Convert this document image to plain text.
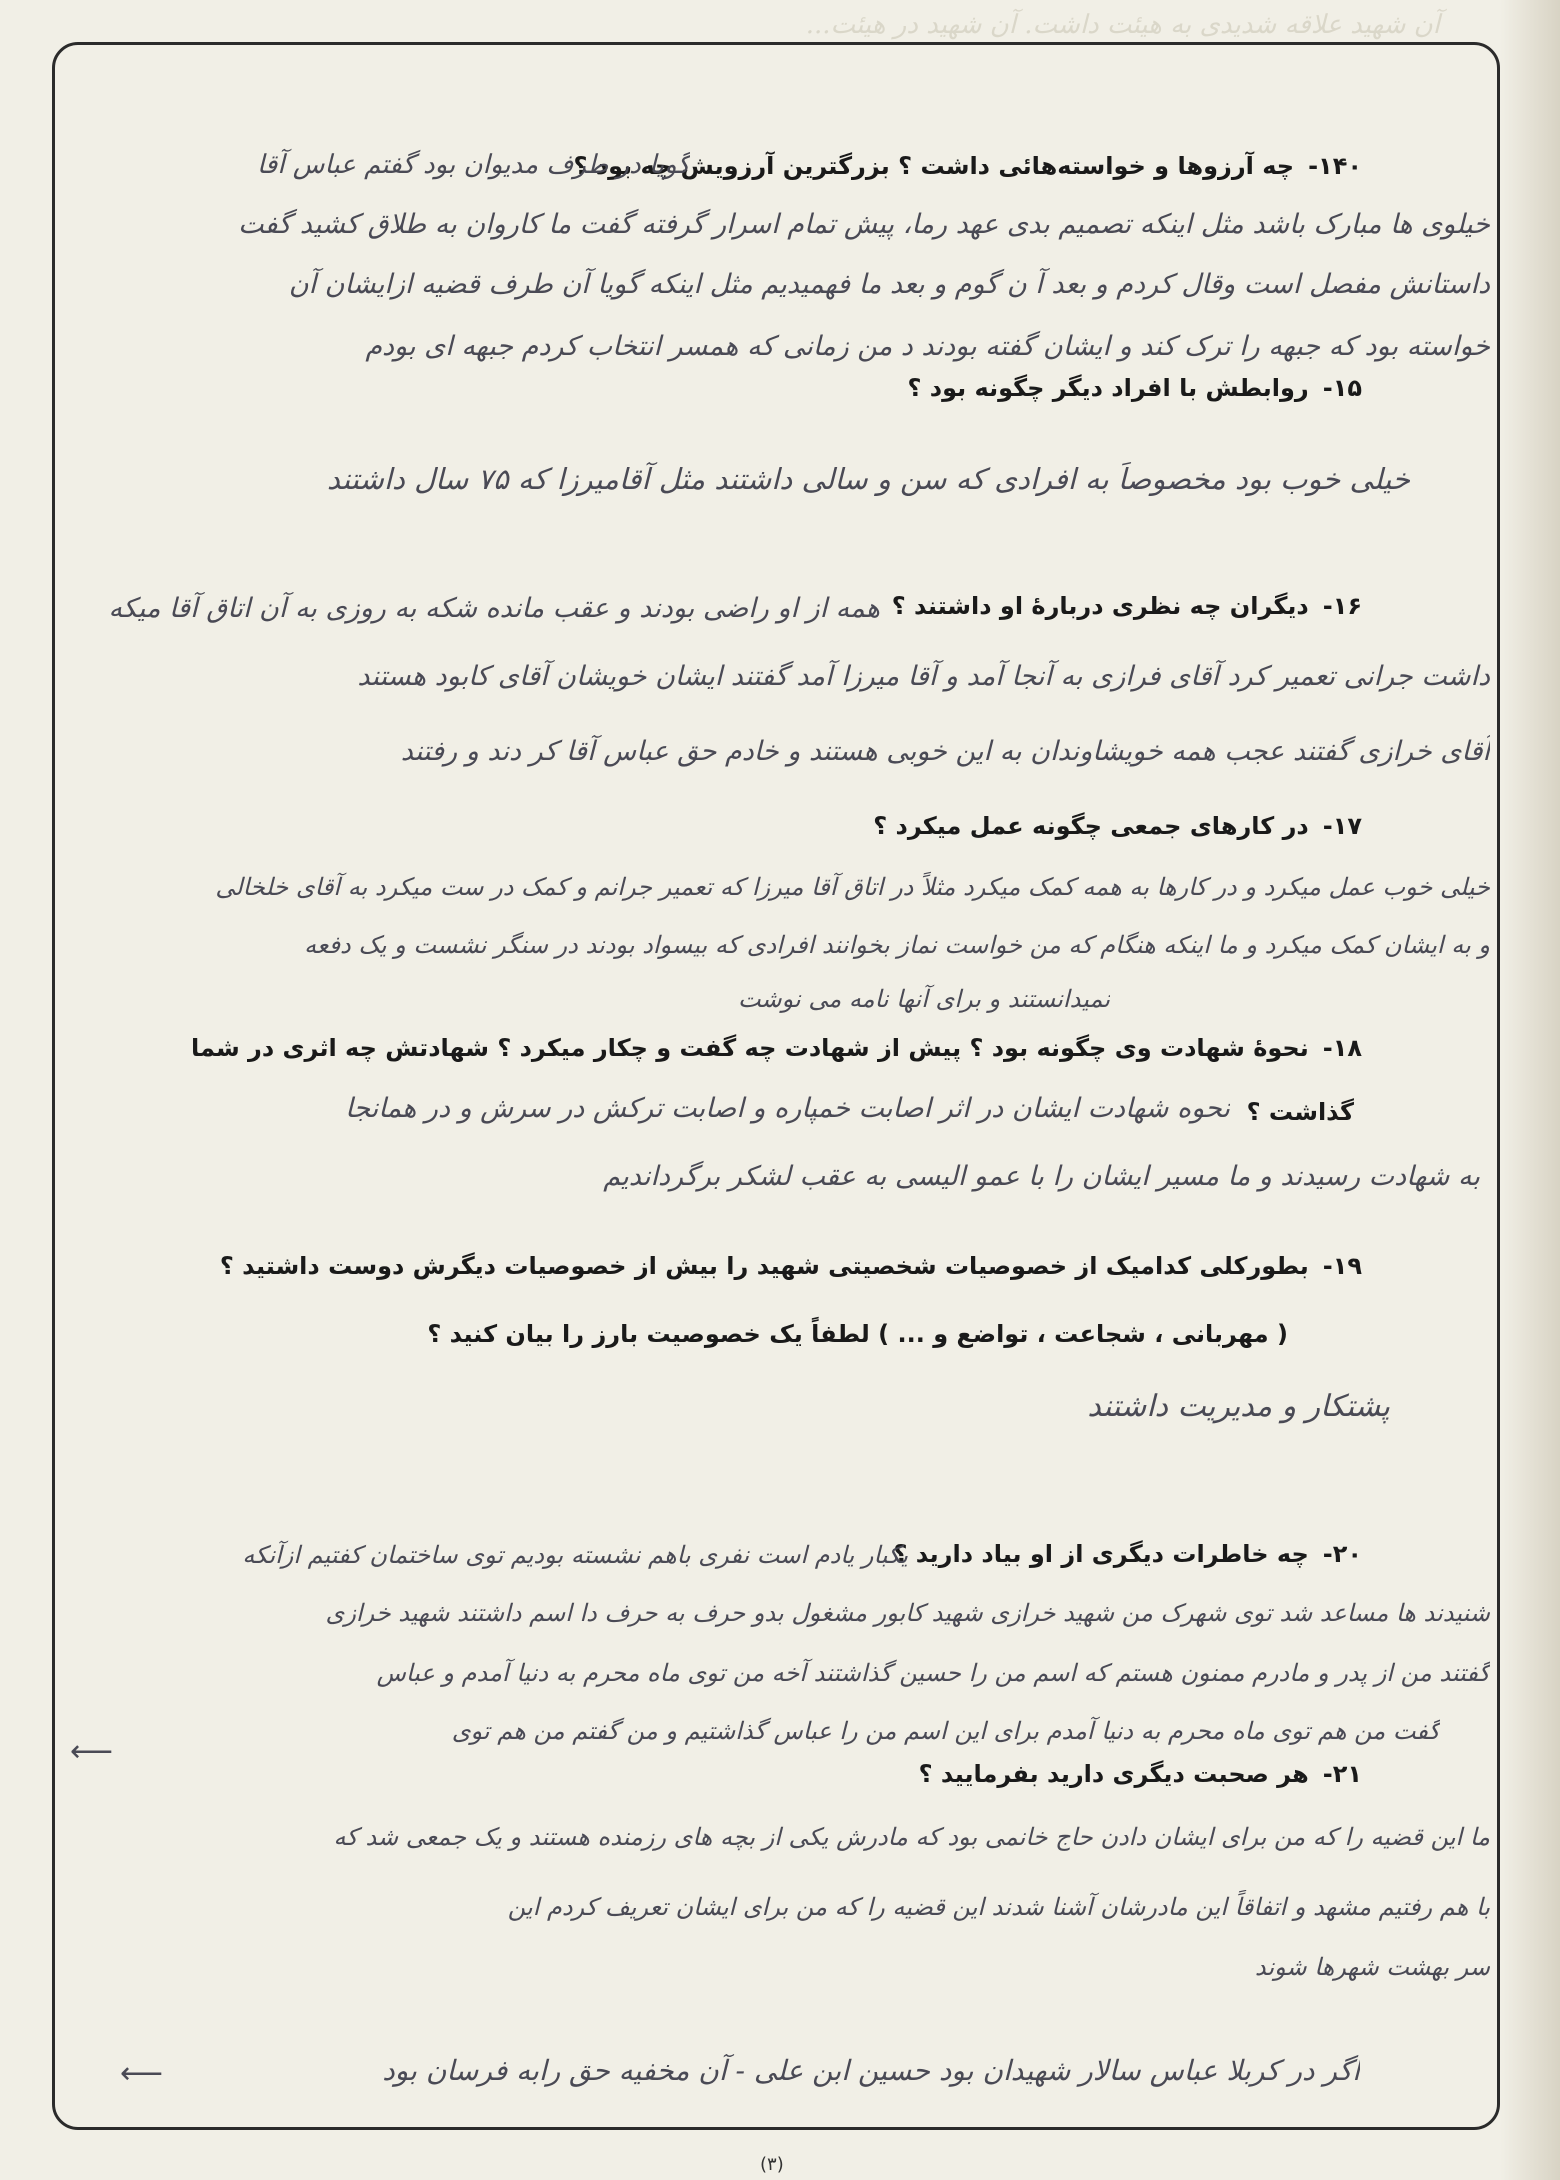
آن شهید علاقه شدیدی به هیئت داشت. آن شهید در هیئت...
۱۴۰-چه آرزوها و خواسته‌هائی داشت ؟ بزرگترین آرزویش چه بود ؟
گویا در طرف مدیوان بود گفتم عباس آقا
خیلوی ها مبارک باشد مثل اینکه تصمیم بدی عهد رما، پیش تمام اسرار گرفته گفت ما کاروان به طلاق کشید گفت
داستانش مفصل است وقال کردم و بعد آ ن گوم و بعد ما فهمیدیم مثل اینکه گویا آن طرف قضیه ازایشان آن
خواسته بود که جبهه را ترک کند و ایشان گفته بودند د من زمانی که همسر انتخاب کردم جبهه ای بودم
۱۵-روابطش با افراد دیگر چگونه بود ؟
خیلی خوب بود مخصوصاً به افرادی که سن و سالی داشتند مثل آقامیرزا که ۷۵ سال داشتند
۱۶-دیگران چه نظری دربارهٔ او داشتند ؟
همه از او راضی بودند و عقب مانده شکه به روزی به آن اتاق آقا میکه
داشت جرانی تعمیر کرد آقای فرازی به آنجا آمد و آقا میرزا آمد گفتند ایشان خویشان آقای کابود هستند
آقای خرازی گفتند عجب همه خویشاوندان به این خوبی هستند و خادم حق عباس آقا کر دند و رفتند
۱۷-در کارهای جمعی چگونه عمل میکرد ؟
خیلی خوب عمل میکرد و در کارها به همه کمک میکرد مثلاً در اتاق آقا میرزا که تعمیر جرانم و کمک در ست میکرد به آقای خلخالی
و به ایشان کمک میکرد و ما اینکه هنگام که من خواست نماز بخوانند افرادی که بیسواد بودند در سنگر نشست و یک دفعه
نمیدانستند و برای آنها نامه می نوشت
۱۸-نحوهٔ شهادت وی چگونه بود ؟ پیش از شهادت چه گفت و چکار میکرد ؟ شهادتش چه اثری در شما
گذاشت ؟
نحوه شهادت ایشان در اثر اصابت خمپاره و اصابت ترکش در سرش و در همانجا
به شهادت رسیدند و ما مسیر ایشان را با عمو الیسی به عقب لشکر برگرداندیم
۱۹-بطورکلی کدامیک از خصوصیات شخصیتی شهید را بیش از خصوصیات دیگرش دوست داشتید ؟
( مهربانی ، شجاعت ، تواضع و ... ) لطفاً یک خصوصیت بارز را بیان کنید ؟
پشتکار و مدیریت داشتند
۲۰-چه خاطرات دیگری از او بیاد دارید ؟
یکبار یادم است نفری باهم نشسته بودیم توی ساختمان کفتیم ازآنکه
شنیدند ها مساعد شد توی شهرک من شهید خرازی شهید کابور مشغول بدو حرف به حرف دا اسم داشتند شهید خرازی
گفتند من از پدر و مادرم ممنون هستم که اسم من را حسین گذاشتند آخه من توی ماه محرم به دنیا آمدم و عباس
گفت من هم توی ماه محرم به دنیا آمدم برای این اسم من را عباس گذاشتیم و من گفتم من هم توی
⟵
۲۱-هر صحبت دیگری دارید بفرمایید ؟
ما این قضیه را که من برای ایشان دادن حاج خانمی بود که مادرش یکی از بچه های رزمنده هستند و یک جمعی شد که
با هم رفتیم مشهد و اتفاقاً این مادرشان آشنا شدند این قضیه را که من برای ایشان تعریف کردم این
سر بهشت شهرها شوند
اگر در کربلا عباس سالار شهیدان بود حسین ابن علی - آن مخفیه حق رابه فرسان بود
⟵
(۳)
